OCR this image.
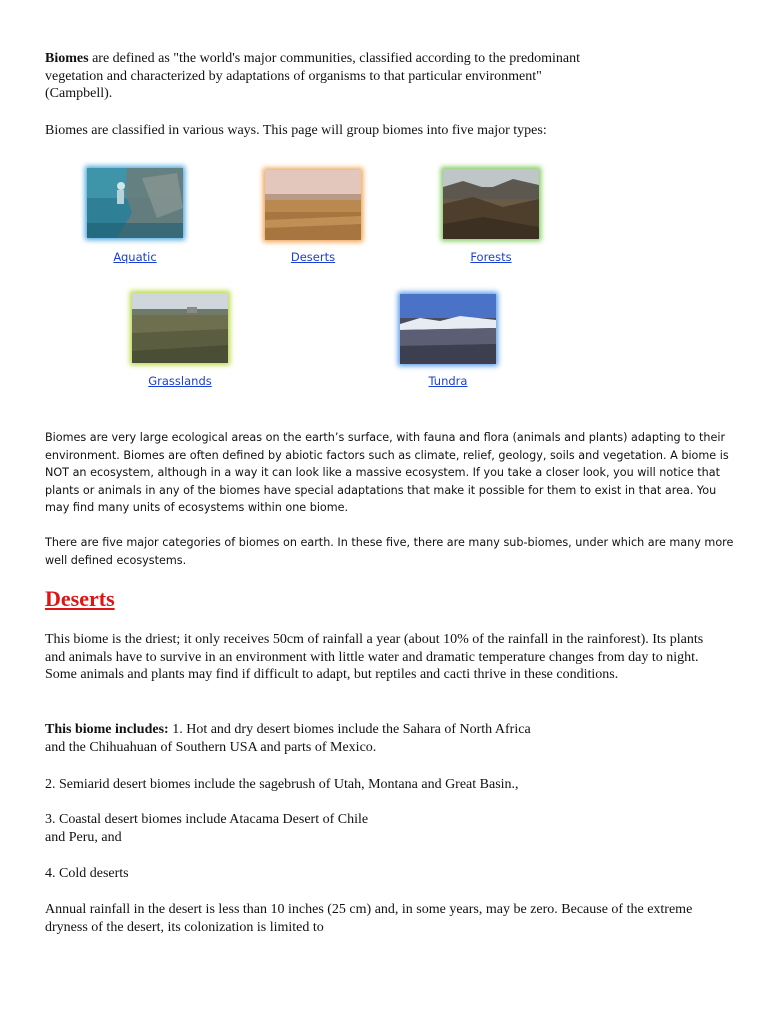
Biomes are defined as "the world's major communities, classified according to the predominant vegetation and characterized by adaptations of organisms to that particular environment" (Campbell).

Biomes are classified in various ways. This page will group biomes into five major types:

Aquatic	Deserts	Forests
Grasslands	Tundra

Biomes are very large ecological areas on the earth’s surface, with fauna and flora (animals and plants) adapting to their environment. Biomes are often defined by abiotic factors such as climate, relief, geology, soils and vegetation. A biome is NOT an ecosystem, although in a way it can look like a massive ecosystem. If you take a closer look, you will notice that plants or animals in any of the biomes have special adaptations that make it possible for them to exist in that area. You may find many units of ecosystems within one biome.

There are five major categories of biomes on earth. In these five, there are many sub-biomes, under which are many more well defined ecosystems.

Deserts

This biome is the driest; it only receives 50cm of rainfall a year (about 10% of the rainfall in the rainforest). Its plants and animals have to survive in an environment with little water and dramatic temperature changes from day to night. Some animals and plants may find if difficult to adapt, but reptiles and cacti thrive in these conditions.

This biome includes: 1. Hot and dry desert biomes include the Sahara of North Africa
and the Chihuahuan of Southern USA and parts of Mexico.

2. Semiarid desert biomes include the sagebrush of Utah, Montana and Great Basin.,

3. Coastal desert biomes include Atacama Desert of Chile
and Peru, and

4. Cold deserts

Annual rainfall in the desert is less than 10 inches (25 cm) and, in some years, may be zero. Because of the extreme dryness of the desert, its colonization is limited to
